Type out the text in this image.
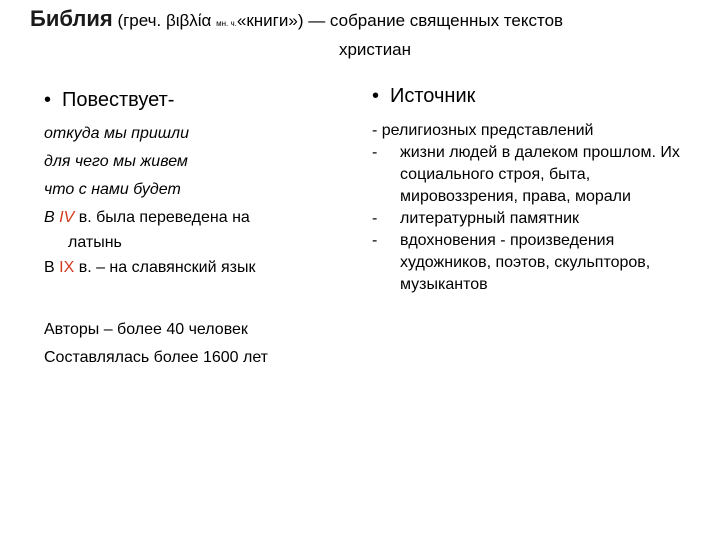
Библия (греч. βιβλία мн. ч.«книги») — собрание священных текстов
христиан
• Повествует-
откуда мы пришли
для чего мы живем
что с нами будет
В IV в. была переведена на
латынь
В IX в. – на славянский язык
Авторы – более 40 человек
Составлялась более 1600 лет
• Источник
- религиозных представлений
-	жизни людей в далеком прошлом. Их социального строя, быта, мировоззрения, права, морали
-	литературный памятник
-	вдохновения - произведения художников, поэтов, скульпторов, музыкантов
